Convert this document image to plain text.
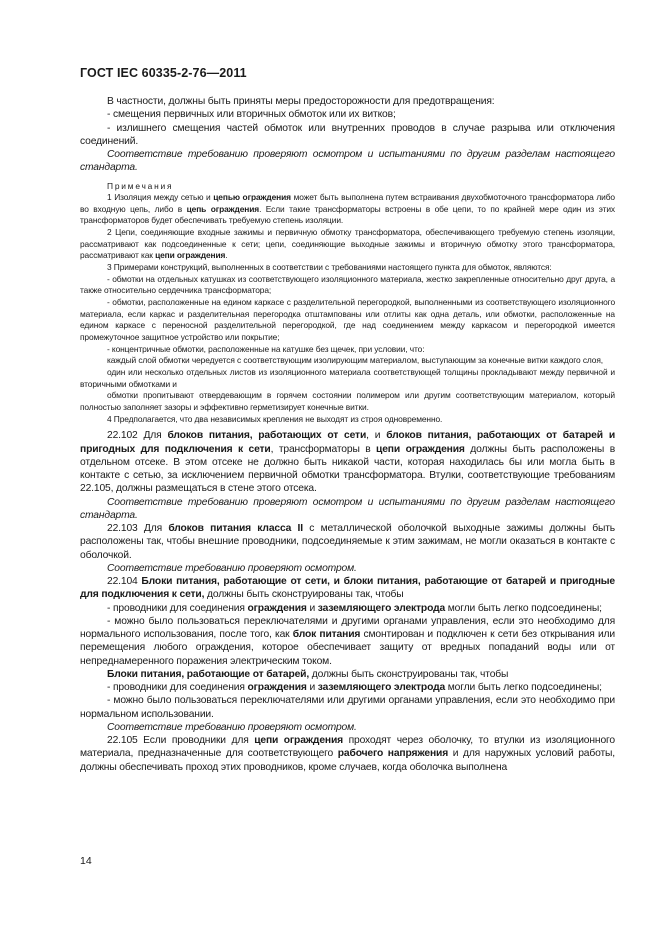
ГОСТ IEC 60335-2-76—2011

В частности, должны быть приняты меры предосторожности для предотвращения:

- смещения первичных или вторичных обмоток или их витков;

- излишнего смещения частей обмоток или внутренних проводов в случае разрыва или отключения соединений.

Соответствие требованию проверяют осмотром и испытаниями по другим разделам настоящего стандарта.

Примечания

1 Изоляция между сетью и цепью ограждения может быть выполнена путем встраивания двухобмоточного трансформатора либо во входную цепь, либо в цепь ограждения. Если такие трансформаторы встроены в обе цепи, то по крайней мере один из этих трансформаторов будет обеспечивать требуемую степень изоляции.

2 Цепи, соединяющие входные зажимы и первичную обмотку трансформатора, обеспечивающего требуемую степень изоляции, рассматривают как подсоединенные к сети; цепи, соединяющие выходные зажимы и вторичную обмотку этого трансформатора, рассматривают как цепи ограждения.

3 Примерами конструкций, выполненных в соответствии с требованиями настоящего пункта для обмоток, являются:

- обмотки на отдельных катушках из соответствующего изоляционного материала, жестко закрепленные относительно друг друга, а также относительно сердечника трансформатора;

- обмотки, расположенные на едином каркасе с разделительной перегородкой, выполненными из соответствующего изоляционного материала, если каркас и разделительная перегородка отштампованы или отлиты как одна деталь, или обмотки, расположенные на едином каркасе с переносной разделительной перегородкой, где над соединением между каркасом и перегородкой имеется промежуточное защитное устройство или покрытие;

- концентричные обмотки, расположенные на катушке без щечек, при условии, что:

каждый слой обмотки чередуется с соответствующим изолирующим материалом, выступающим за конечные витки каждого слоя,

один или несколько отдельных листов из изоляционного материала соответствующей толщины прокладывают между первичной и вторичными обмотками и

обмотки пропитывают отвердевающим в горячем состоянии полимером или другим соответствующим материалом, который полностью заполняет зазоры и эффективно герметизирует конечные витки.

4 Предполагается, что два независимых крепления не выходят из строя одновременно.

22.102 Для блоков питания, работающих от сети, и блоков питания, работающих от батарей и пригодных для подключения к сети, трансформаторы в цепи ограждения должны быть расположены в отдельном отсеке. В этом отсеке не должно быть никакой части, которая находилась бы или могла быть в контакте с сетью, за исключением первичной обмотки трансформатора. Втулки, соответствующие требованиям 22.105, должны размещаться в стене этого отсека.

Соответствие требованию проверяют осмотром и испытаниями по другим разделам настоящего стандарта.

22.103 Для блоков питания класса II с металлической оболочкой выходные зажимы должны быть расположены так, чтобы внешние проводники, подсоединяемые к этим зажимам, не могли оказаться в контакте с оболочкой.

Соответствие требованию проверяют осмотром.

22.104 Блоки питания, работающие от сети, и блоки питания, работающие от батарей и пригодные для подключения к сети, должны быть сконструированы так, чтобы

- проводники для соединения ограждения и заземляющего электрода могли быть легко подсоединены;

- можно было пользоваться переключателями и другими органами управления, если это необходимо для нормального использования, после того, как блок питания смонтирован и подключен к сети без открывания или перемещения любого ограждения, которое обеспечивает защиту от вредных попаданий воды или от непреднамеренного поражения электрическим током.

Блоки питания, работающие от батарей, должны быть сконструированы так, чтобы

- проводники для соединения ограждения и заземляющего электрода могли быть легко подсоединены;

- можно было пользоваться переключателями или другими органами управления, если это необходимо при нормальном использовании.

Соответствие требованию проверяют осмотром.

22.105 Если проводники для цепи ограждения проходят через оболочку, то втулки из изоляционного материала, предназначенные для соответствующего рабочего напряжения и для наружных условий работы, должны обеспечивать проход этих проводников, кроме случаев, когда оболочка выполнена

14
